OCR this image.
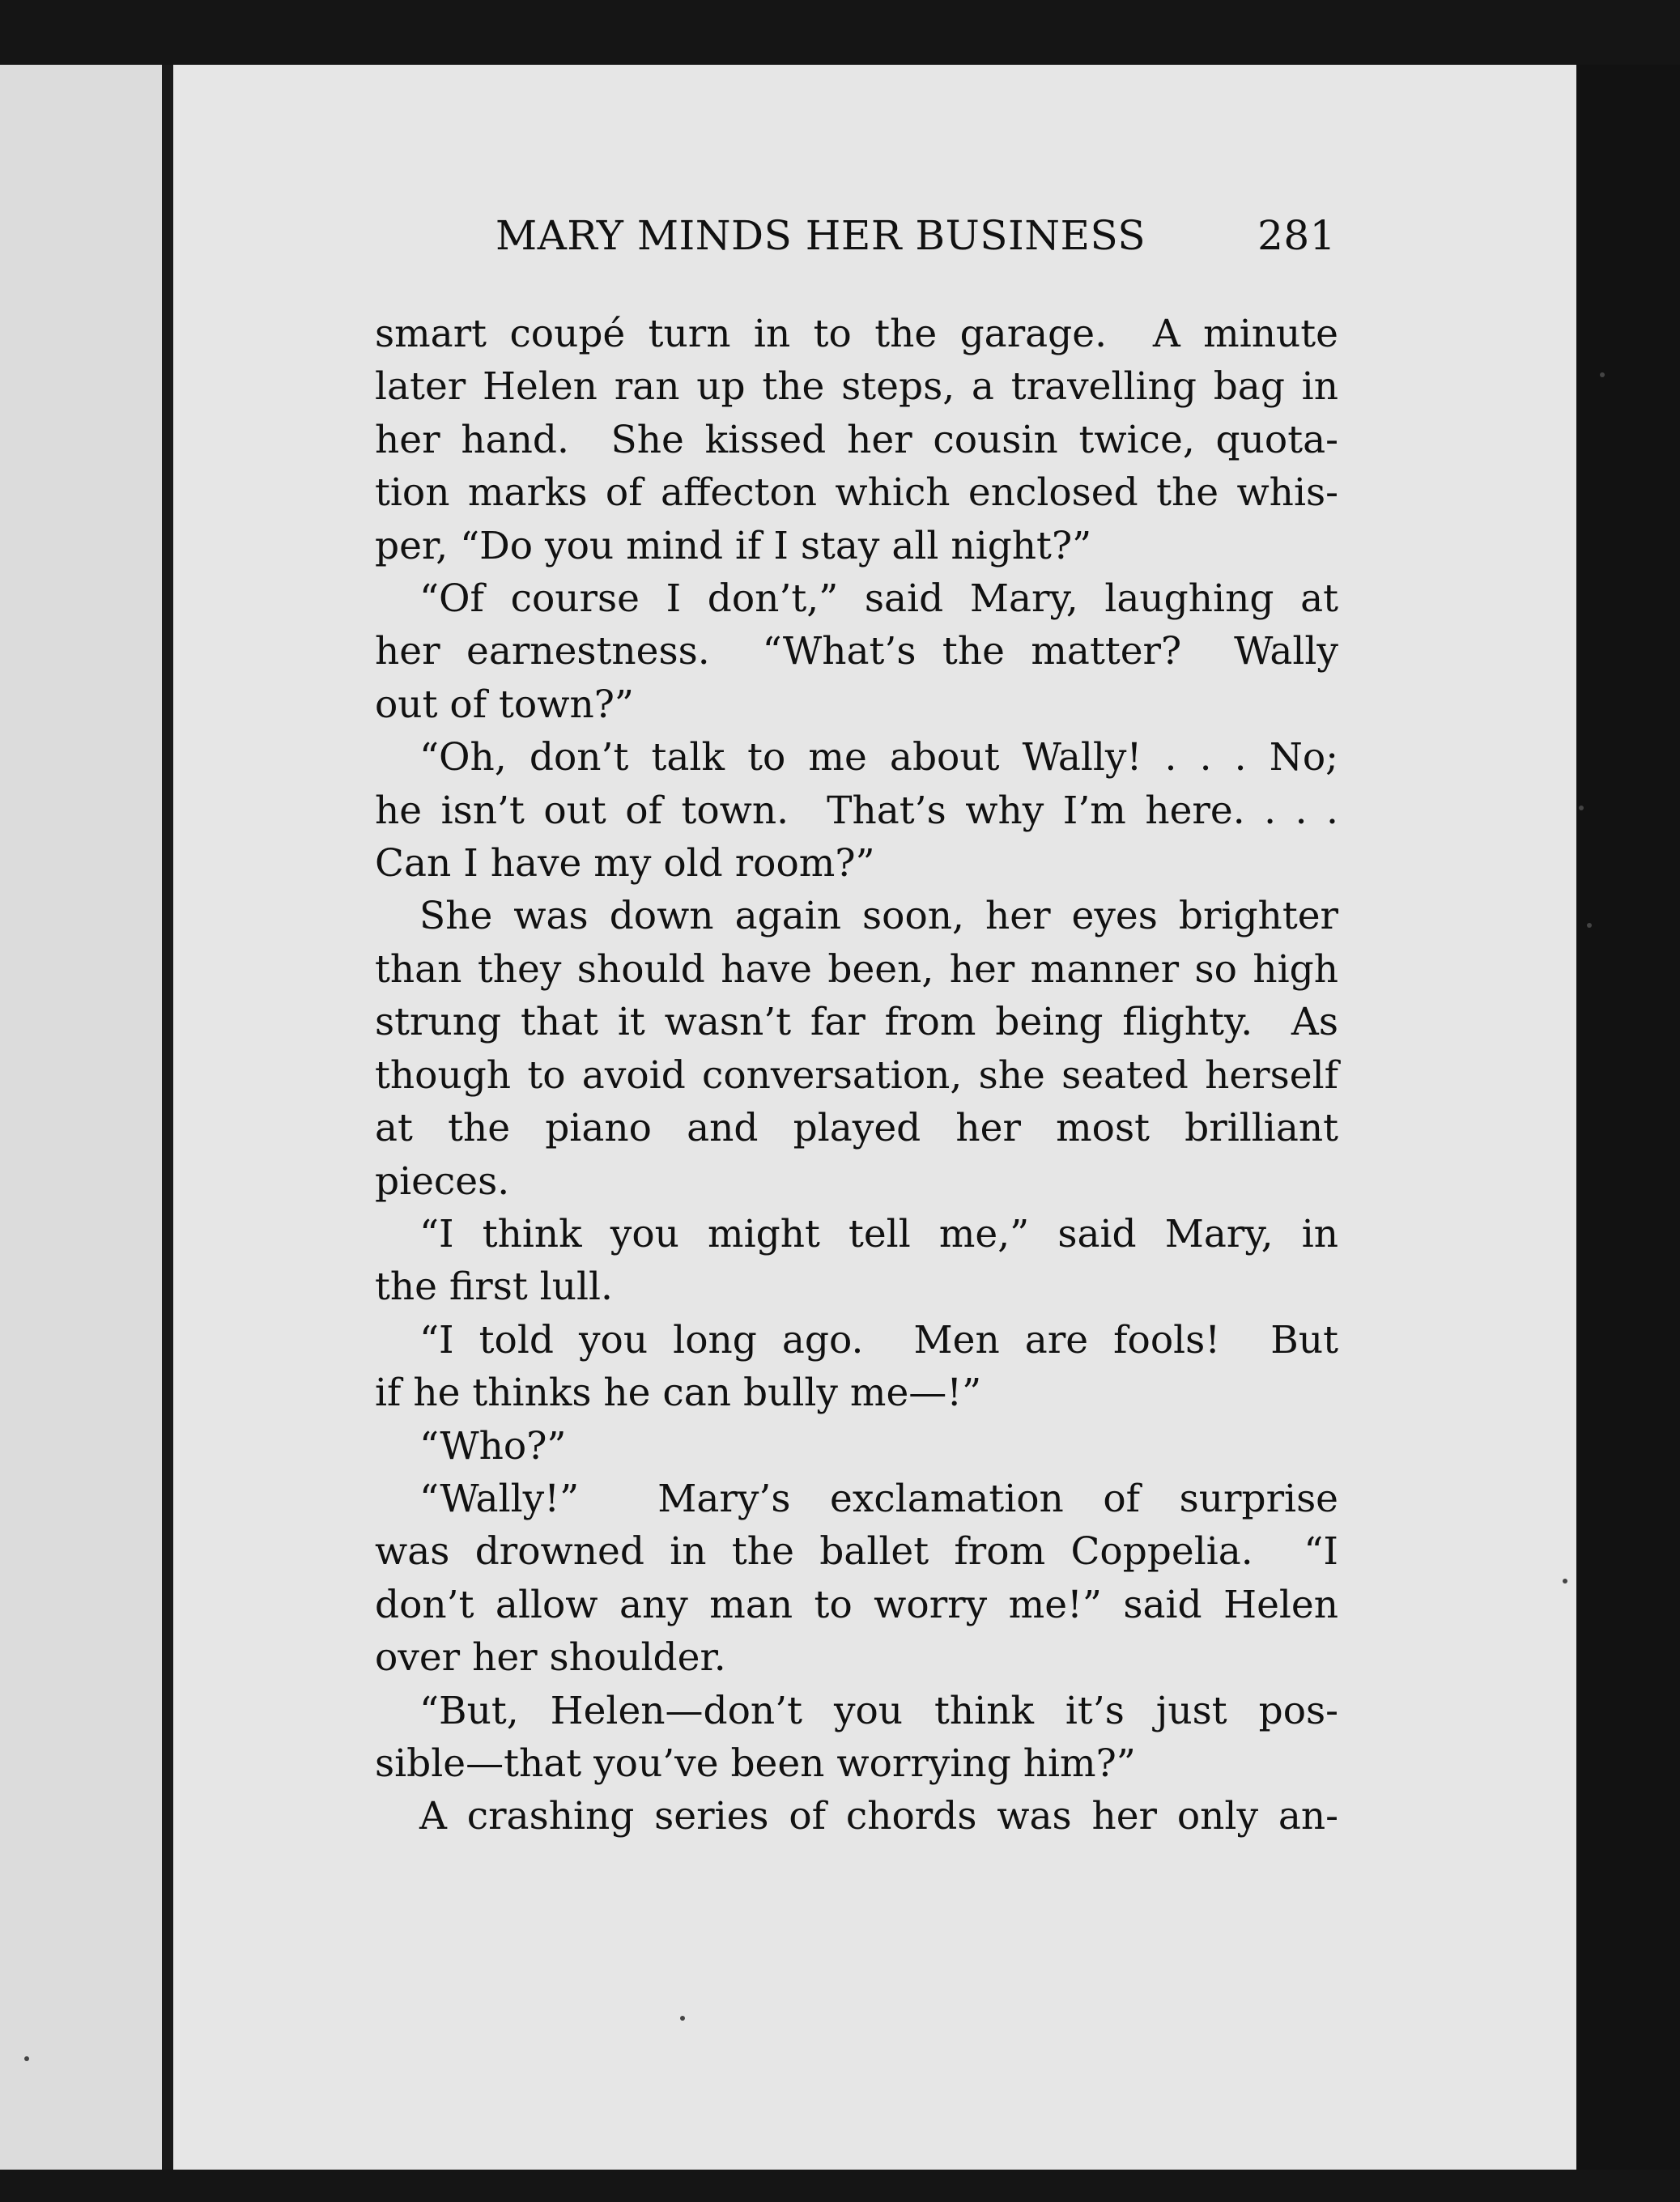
MARY MINDS HER BUSINESS	281
smart coupé turn in to the garage.  A minute
later Helen ran up the steps, a travelling bag in
her hand.  She kissed her cousin twice, quota-
tion marks of affecton which enclosed the whis-
per, “Do you mind if I stay all night?”
“Of course I don’t,” said Mary, laughing at
her earnestness.  “What’s the matter?  Wally
out of town?”
“Oh, don’t talk to me about Wally! . . . No;
he isn’t out of town.  That’s why I’m here. . . .
Can I have my old room?”
She was down again soon, her eyes brighter
than they should have been, her manner so high
strung that it wasn’t far from being flighty.  As
though to avoid conversation, she seated herself
at the piano and played her most brilliant
pieces.
“I think you might tell me,” said Mary, in
the first lull.
“I told you long ago.  Men are fools!  But
if he thinks he can bully me—!”
“Who?”
“Wally!”  Mary’s exclamation of surprise
was drowned in the ballet from Coppelia.  “I
don’t allow any man to worry me!” said Helen
over her shoulder.
“But, Helen—don’t you think it’s just pos-
sible—that you’ve been worrying him?”
A crashing series of chords was her only an-
